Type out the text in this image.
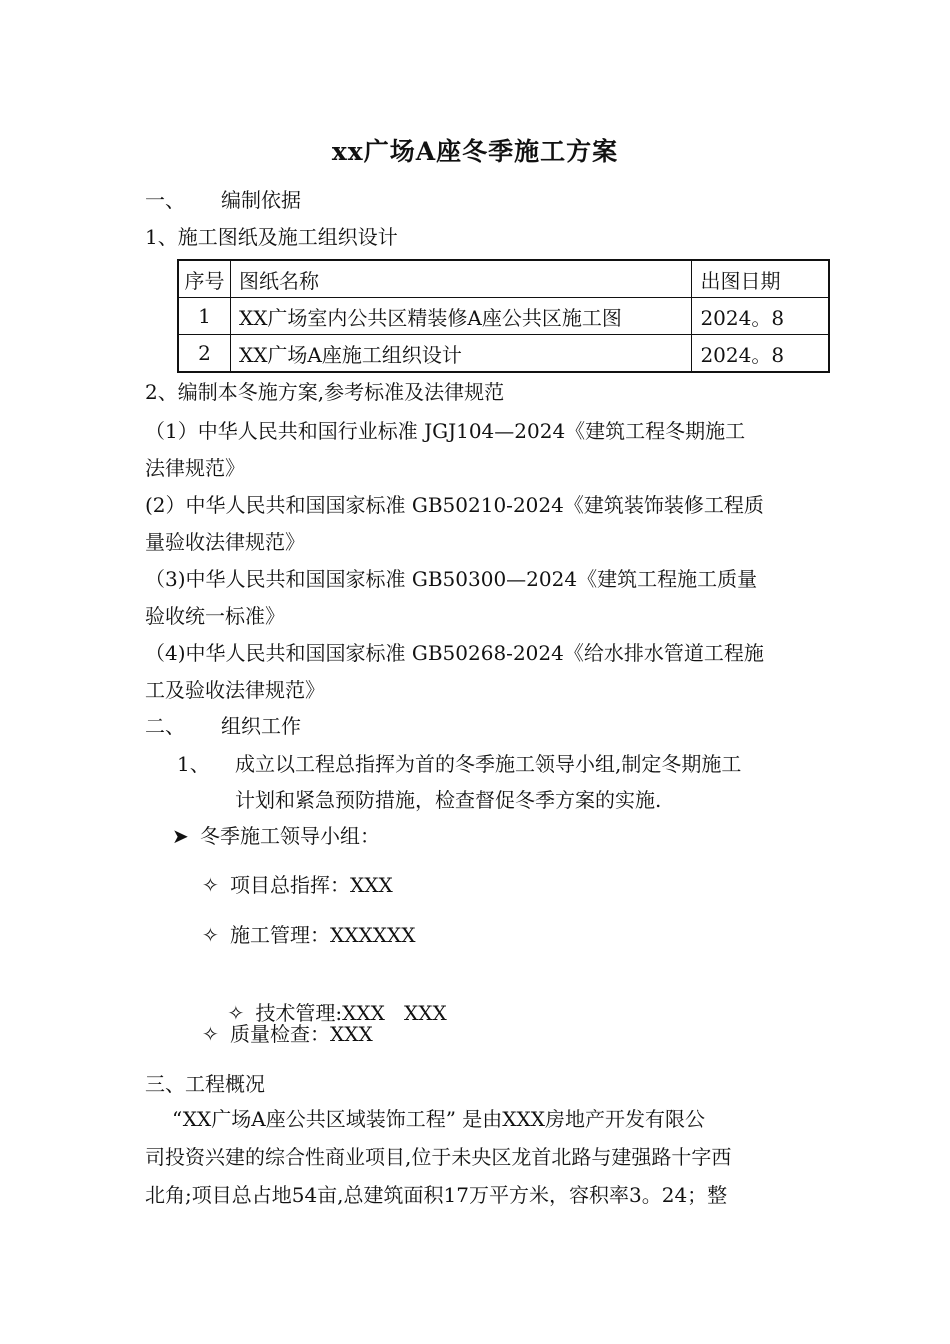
xx广场A座冬季施工方案
一、 编制依据
1、施工图纸及施工组织设计
序号	图纸名称	出图日期
1	XX广场室内公共区精装修A座公共区施工图	2024。8
2	XX广场A座施工组织设计	2024。8
2、编制本冬施方案,参考标准及法律规范
（1）中华人民共和国行业标准 JGJ104—2024《建筑工程冬期施工
法律规范》
(2）中华人民共和国国家标准 GB50210-2024《建筑装饰装修工程质
量验收法律规范》
（3)中华人民共和国国家标准 GB50300—2024《建筑工程施工质量
验收统一标准》
（4)中华人民共和国国家标准 GB50268-2024《给水排水管道工程施
工及验收法律规范》
二、 组织工作
1、 成立以工程总指挥为首的冬季施工领导小组,制定冬期施工
计划和紧急预防措施，检查督促冬季方案的实施.
➤ 冬季施工领导小组：
✧ 项目总指挥：XXX
✧ 施工管理：XXXXXX

✧ 技术管理:XXX   XXX

✧ 质量检查：XXX
三、工程概况
“XX广场A座公共区域装饰工程” 是由XXX房地产开发有限公
司投资兴建的综合性商业项目,位于未央区龙首北路与建强路十字西
北角;项目总占地54亩,总建筑面积17万平方米，容积率3。24；整
